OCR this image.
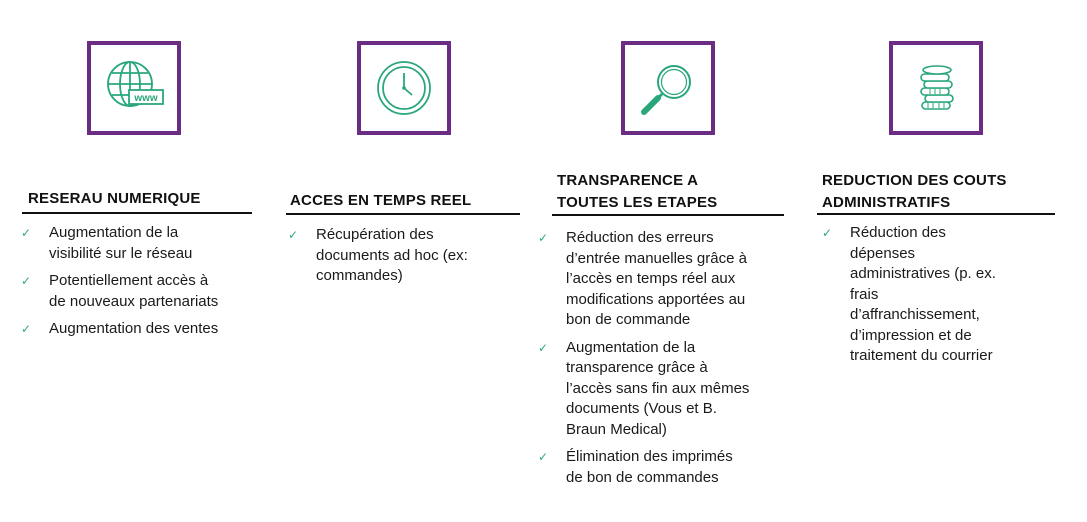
www
RESERAU NUMERIQUE
✓ Augmentation de la
visibilité sur le réseau
✓ Potentiellement accès à
de nouveaux partenariats
✓ Augmentation des ventes
ACCES EN TEMPS REEL
✓ Récupération des
documents ad hoc (ex:
commandes)
TRANSPARENCE A
TOUTES LES ETAPES
✓ Réduction des erreurs
d’entrée manuelles grâce à
l’accès en temps réel aux
modifications apportées au
bon de commande
✓ Augmentation de la
transparence grâce à
l’accès sans fin aux mêmes
documents (Vous et B.
Braun Medical)
✓ Élimination des imprimés
de bon de commandes
REDUCTION DES COUTS
ADMINISTRATIFS
✓ Réduction des
dépenses
administratives (p. ex.
frais
d’affranchissement,
d’impression et de
traitement du courrier
